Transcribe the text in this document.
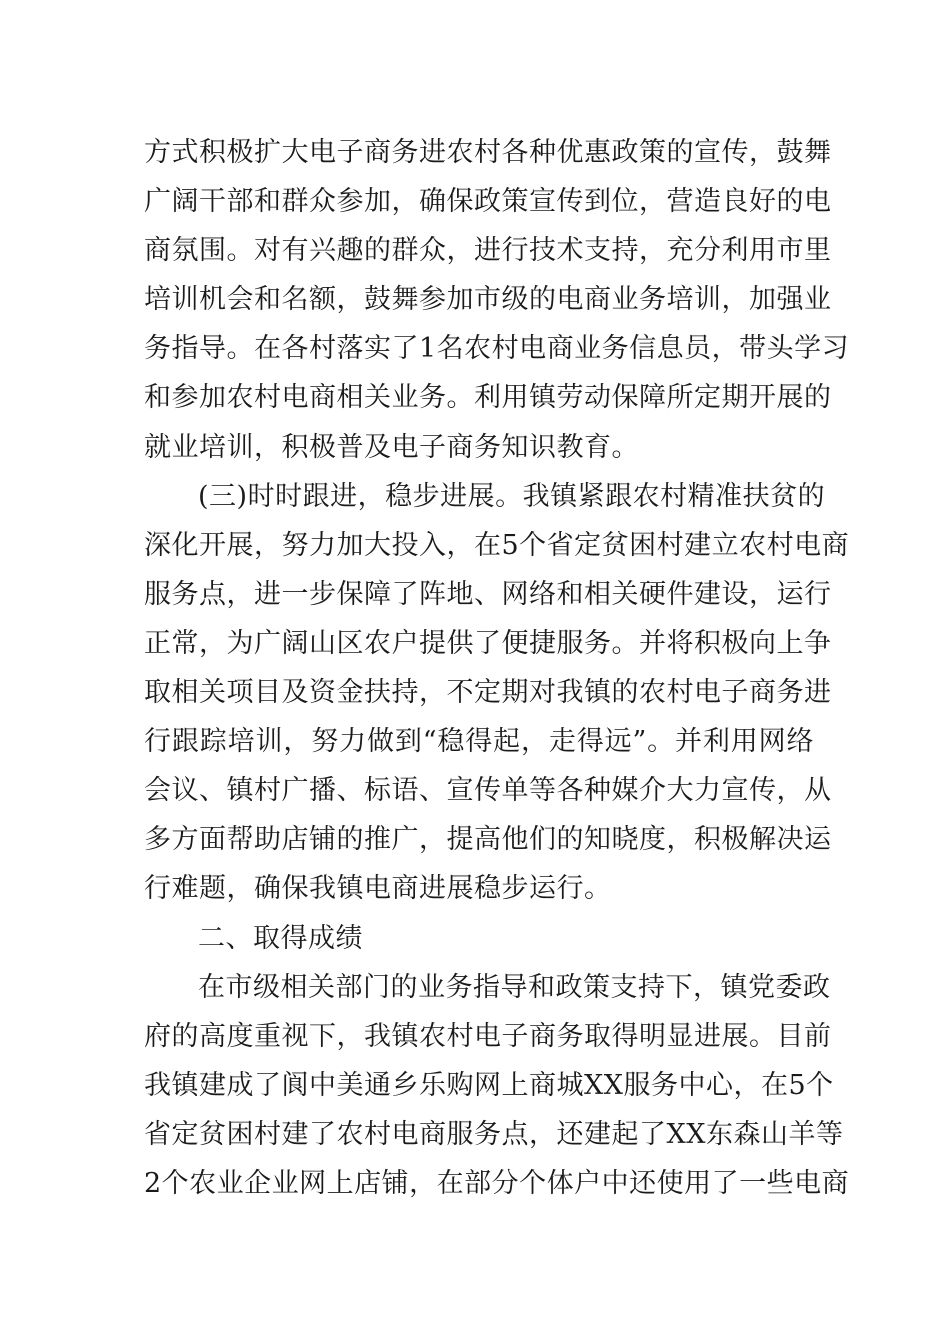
方式积极扩大电子商务进农村各种优惠政策的宣传，鼓舞
广阔干部和群众参加，确保政策宣传到位，营造良好的电
商氛围。对有兴趣的群众，进行技术支持，充分利用市里
培训机会和名额，鼓舞参加市级的电商业务培训，加强业
务指导。在各村落实了1名农村电商业务信息员，带头学习
和参加农村电商相关业务。利用镇劳动保障所定期开展的
就业培训，积极普及电子商务知识教育。
(三)时时跟进，稳步进展。我镇紧跟农村精准扶贫的
深化开展，努力加大投入，在5个省定贫困村建立农村电商
服务点，进一步保障了阵地、网络和相关硬件建设，运行
正常，为广阔山区农户提供了便捷服务。并将积极向上争
取相关项目及资金扶持，不定期对我镇的农村电子商务进
行跟踪培训，努力做到“稳得起，走得远”。并利用网络
会议、镇村广播、标语、宣传单等各种媒介大力宣传，从
多方面帮助店铺的推广，提高他们的知晓度，积极解决运
行难题，确保我镇电商进展稳步运行。
二、取得成绩
在市级相关部门的业务指导和政策支持下，镇党委政
府的高度重视下，我镇农村电子商务取得明显进展。目前
我镇建成了阆中美通乡乐购网上商城XX服务中心，在5个
省定贫困村建了农村电商服务点，还建起了XX东森山羊等
2个农业企业网上店铺，在部分个体户中还使用了一些电商
